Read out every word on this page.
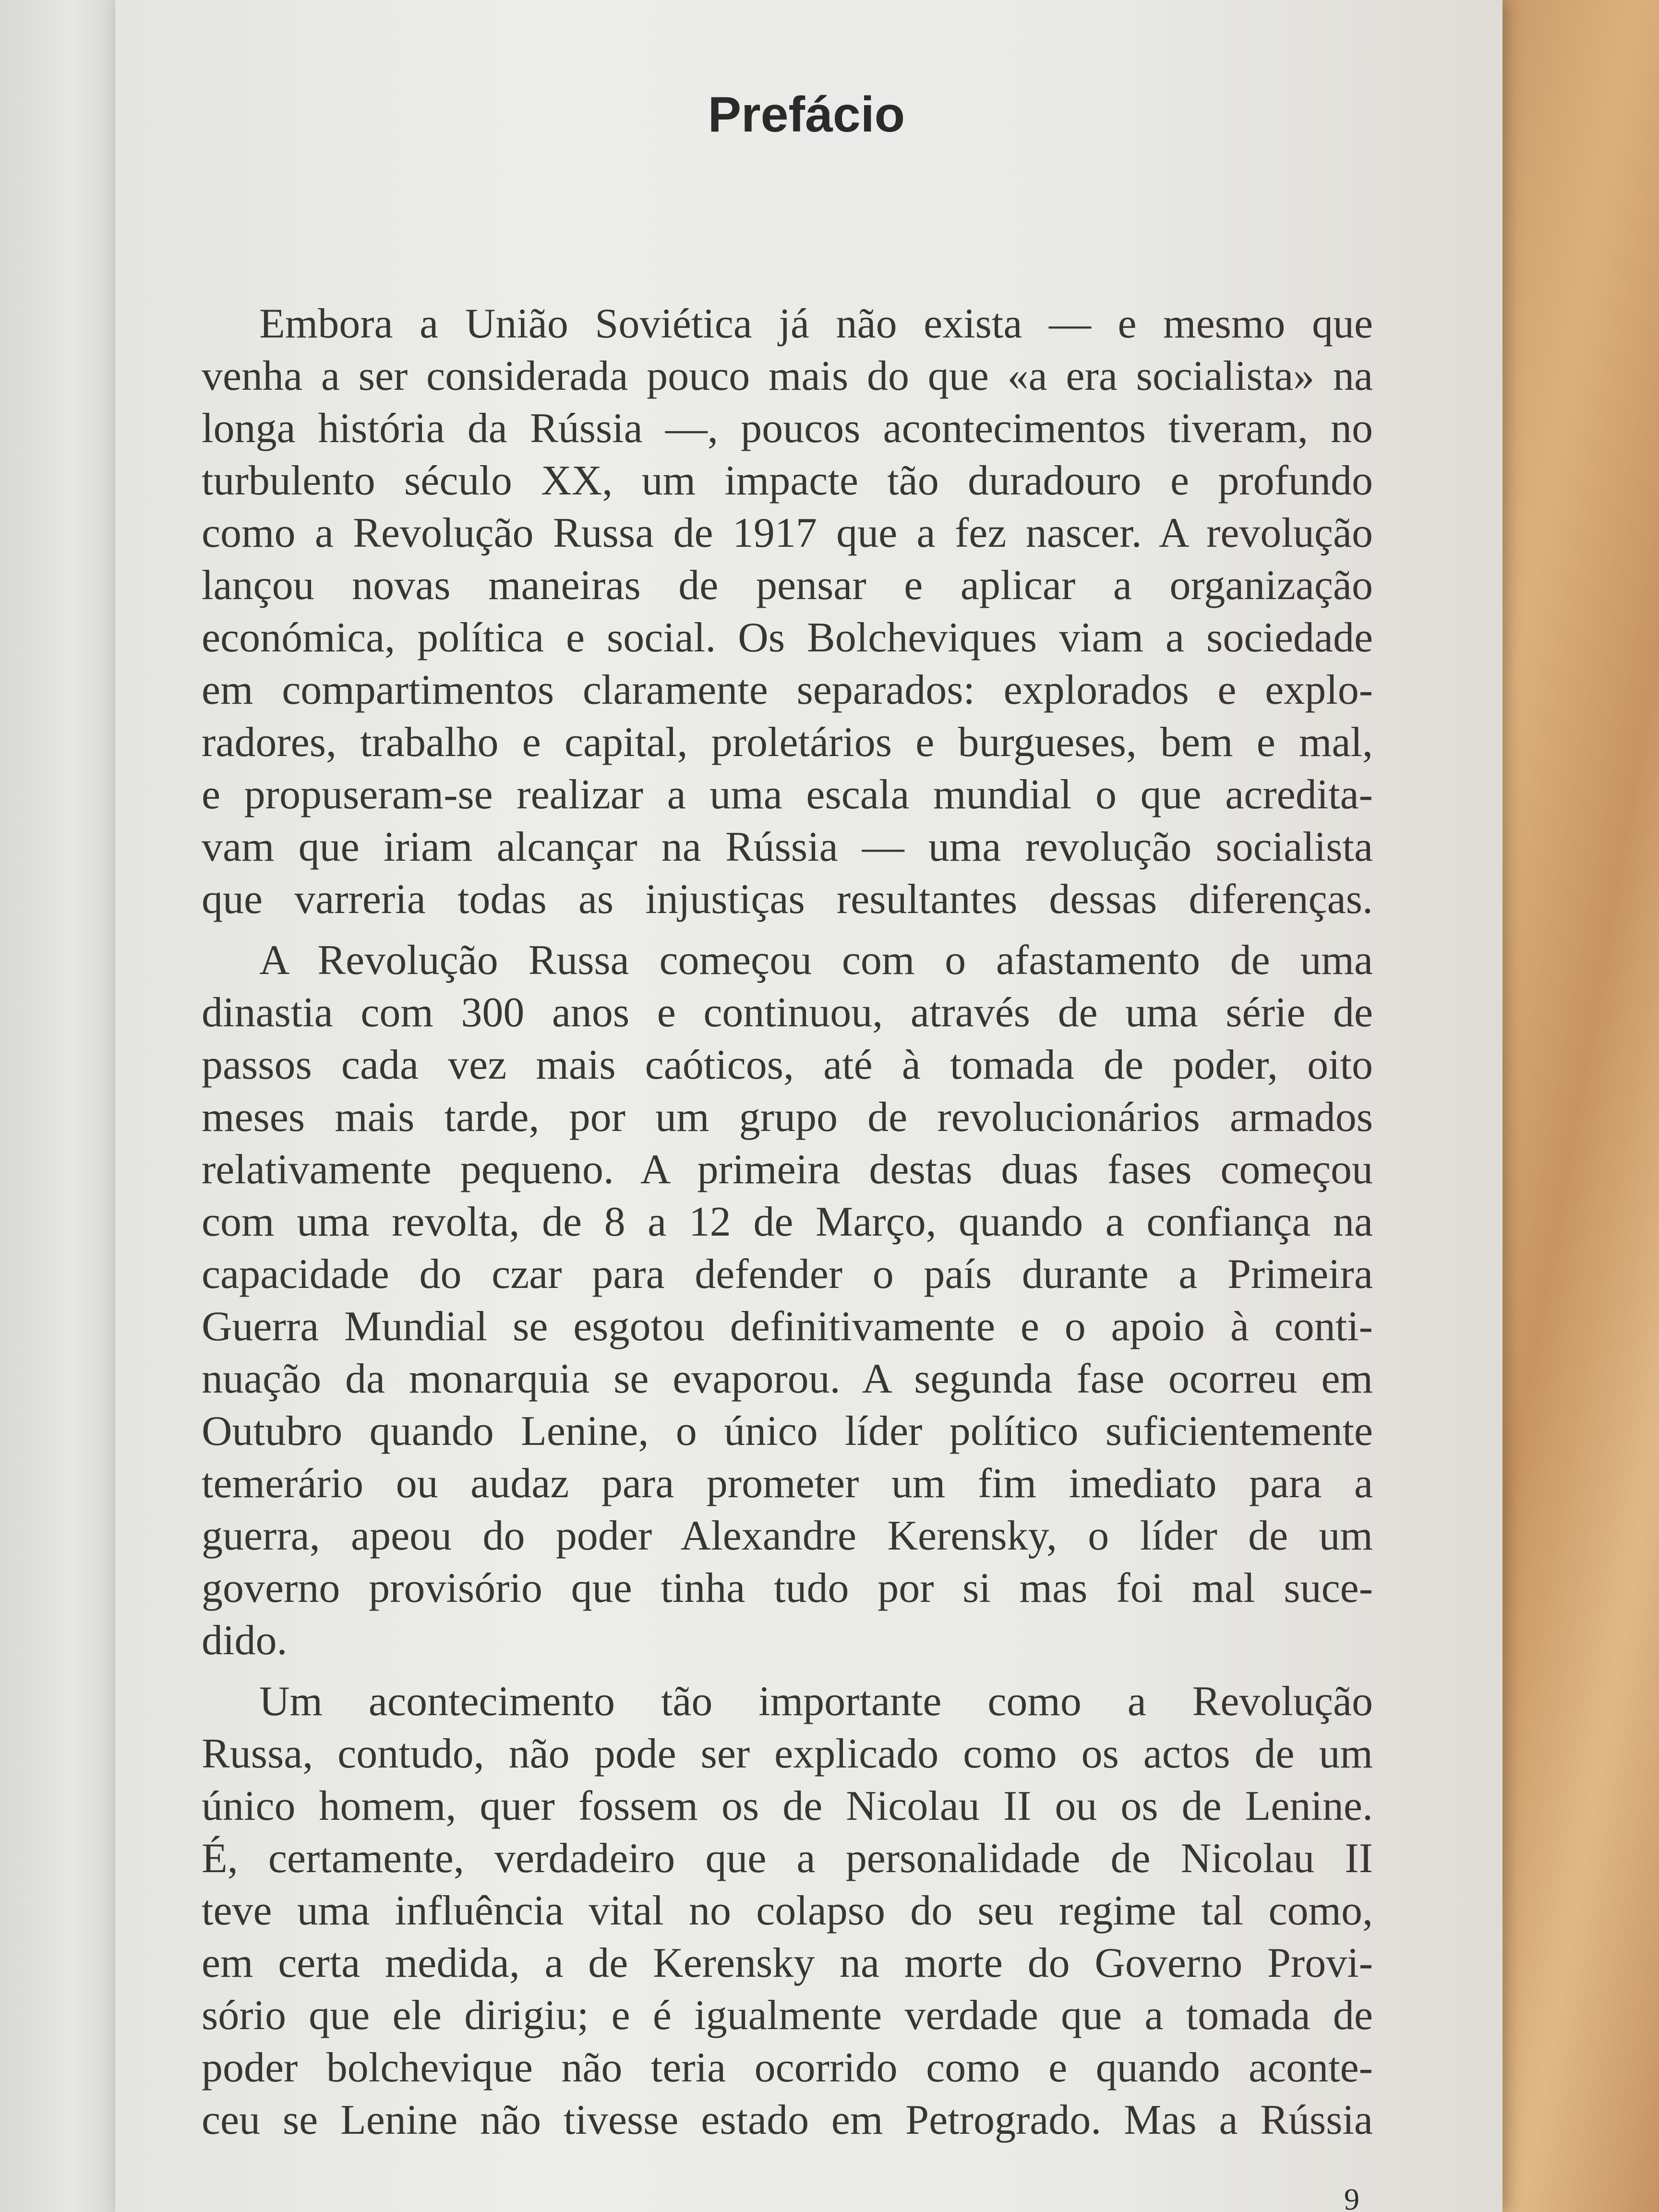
Prefácio
Embora a União Soviética já não exista — e mesmo que
venha a ser considerada pouco mais do que «a era socialista» na
longa história da Rússia —, poucos acontecimentos tiveram, no
turbulento século XX, um impacte tão duradouro e profundo
como a Revolução Russa de 1917 que a fez nascer. A revolução
lançou novas maneiras de pensar e aplicar a organização
económica, política e social. Os Bolcheviques viam a sociedade
em compartimentos claramente separados: explorados e explo-
radores, trabalho e capital, proletários e burgueses, bem e mal,
e propuseram-se realizar a uma escala mundial o que acredita-
vam que iriam alcançar na Rússia — uma revolução socialista
que varreria todas as injustiças resultantes dessas diferenças.
A Revolução Russa começou com o afastamento de uma
dinastia com 300 anos e continuou, através de uma série de
passos cada vez mais caóticos, até à tomada de poder, oito
meses mais tarde, por um grupo de revolucionários armados
relativamente pequeno. A primeira destas duas fases começou
com uma revolta, de 8 a 12 de Março, quando a confiança na
capacidade do czar para defender o país durante a Primeira
Guerra Mundial se esgotou definitivamente e o apoio à conti-
nuação da monarquia se evaporou. A segunda fase ocorreu em
Outubro quando Lenine, o único líder político suficientemente
temerário ou audaz para prometer um fim imediato para a
guerra, apeou do poder Alexandre Kerensky, o líder de um
governo provisório que tinha tudo por si mas foi mal suce-
dido.
Um acontecimento tão importante como a Revolução
Russa, contudo, não pode ser explicado como os actos de um
único homem, quer fossem os de Nicolau II ou os de Lenine.
É, certamente, verdadeiro que a personalidade de Nicolau II
teve uma influência vital no colapso do seu regime tal como,
em certa medida, a de Kerensky na morte do Governo Provi-
sório que ele dirigiu; e é igualmente verdade que a tomada de
poder bolchevique não teria ocorrido como e quando aconte-
ceu se Lenine não tivesse estado em Petrogrado. Mas a Rússia

9
